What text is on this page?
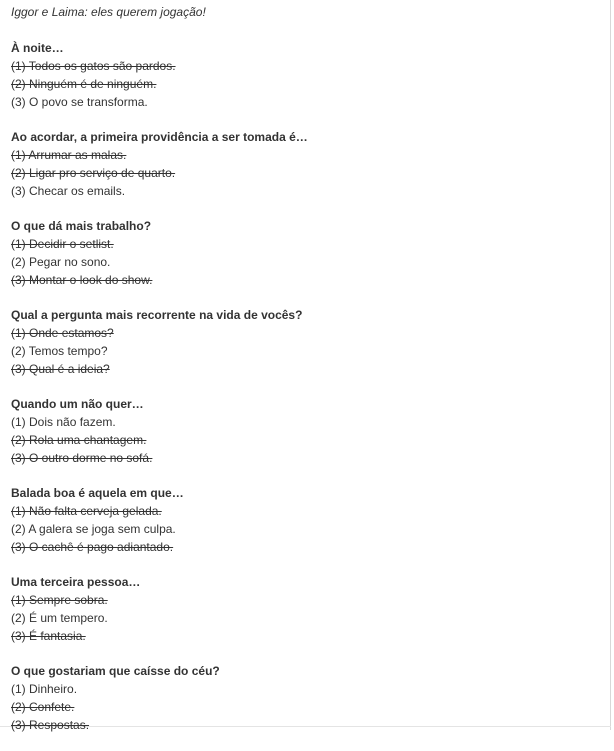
Iggor e Laima: eles querem jogação!

À noite…

(1) Todos os gatos são pardos.

(2) Ninguém é de ninguém.

(3) O povo se transforma.

Ao acordar, a primeira providência a ser tomada é…

(1) Arrumar as malas.

(2) Ligar pro serviço de quarto.

(3) Checar os emails.

O que dá mais trabalho?

(1) Decidir o setlist.

(2) Pegar no sono.

(3) Montar o look do show.

Qual a pergunta mais recorrente na vida de vocês?

(1) Onde estamos?

(2) Temos tempo?

(3) Qual é a ideia?

Quando um não quer…

(1) Dois não fazem.

(2) Rola uma chantagem.

(3) O outro dorme no sofá.

Balada boa é aquela em que…

(1) Não falta cerveja gelada.

(2) A galera se joga sem culpa.

(3) O cachê é pago adiantado.

Uma terceira pessoa…

(1) Sempre sobra.

(2) É um tempero.

(3) É fantasia.

O que gostariam que caísse do céu?

(1) Dinheiro.

(2) Confete.

(3) Respostas.
